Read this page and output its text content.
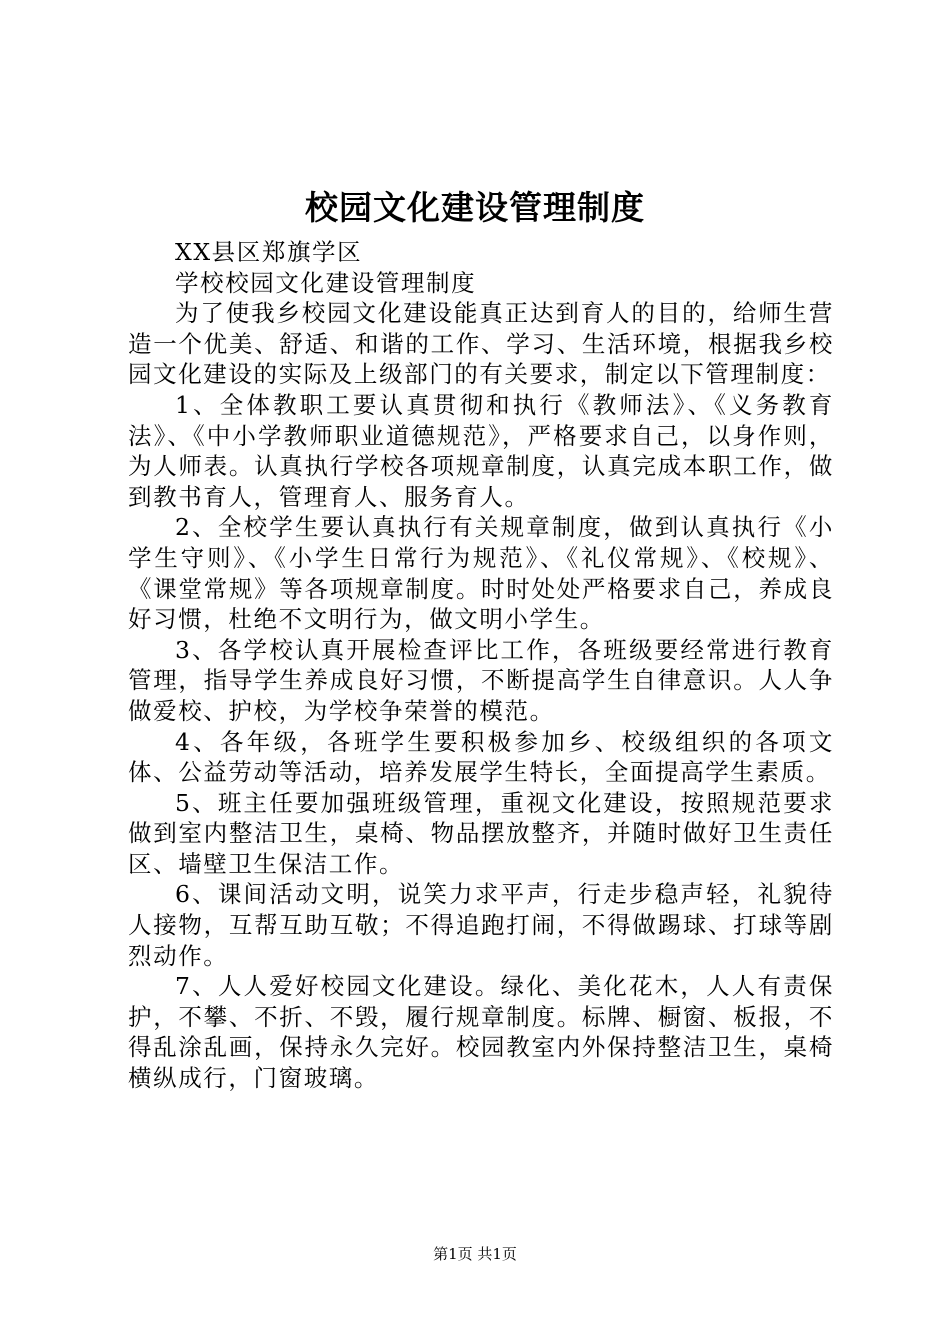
校园文化建设管理制度

XX县区郑旗学区

学校校园文化建设管理制度

为了使我乡校园文化建设能真正达到育人的目的，给师生营造一个优美、舒适、和谐的工作、学习、生活环境，根据我乡校园文化建设的实际及上级部门的有关要求，制定以下管理制度：

1、全体教职工要认真贯彻和执行《教师法》、《义务教育法》、《中小学教师职业道德规范》，严格要求自己，以身作则，为人师表。认真执行学校各项规章制度，认真完成本职工作，做到教书育人，管理育人、服务育人。

2、全校学生要认真执行有关规章制度，做到认真执行《小学生守则》、《小学生日常行为规范》、《礼仪常规》、《校规》、《课堂常规》等各项规章制度。时时处处严格要求自己，养成良好习惯，杜绝不文明行为，做文明小学生。

3、各学校认真开展检查评比工作，各班级要经常进行教育管理，指导学生养成良好习惯，不断提高学生自律意识。人人争做爱校、护校，为学校争荣誉的模范。

4、各年级，各班学生要积极参加乡、校级组织的各项文体、公益劳动等活动，培养发展学生特长，全面提高学生素质。

5、班主任要加强班级管理，重视文化建设，按照规范要求做到室内整洁卫生，桌椅、物品摆放整齐，并随时做好卫生责任区、墙壁卫生保洁工作。

6、课间活动文明，说笑力求平声，行走步稳声轻，礼貌待人接物，互帮互助互敬；不得追跑打闹，不得做踢球、打球等剧烈动作。

7、人人爱好校园文化建设。绿化、美化花木，人人有责保护，不攀、不折、不毁，履行规章制度。标牌、橱窗、板报，不得乱涂乱画，保持永久完好。校园教室内外保持整洁卫生，桌椅横纵成行，门窗玻璃。

第1页 共1页
